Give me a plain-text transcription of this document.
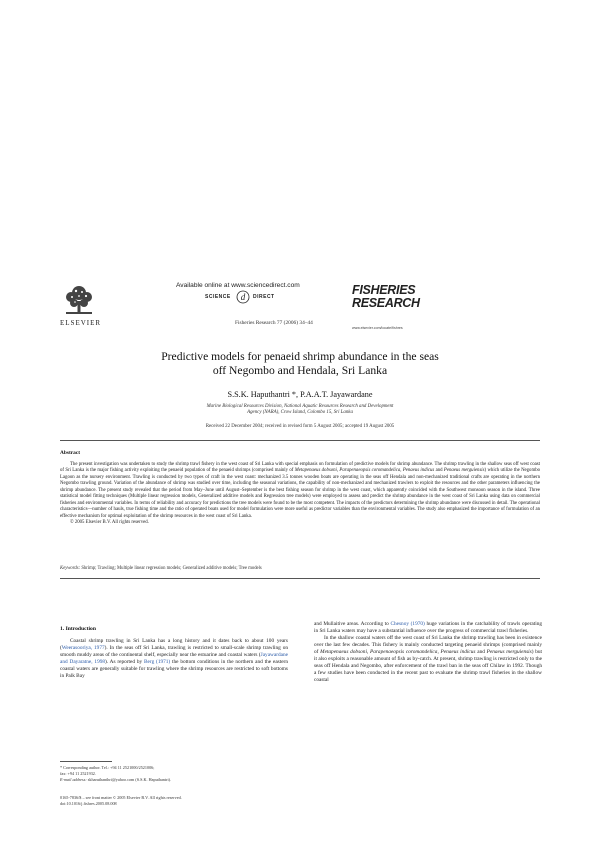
Available online at www.sciencedirect.com
SCIENCE d DIRECT
ELSEVIER	Fisheries Research 77 (2006) 34–44
FISHERIES
RESEARCH
www.elsevier.com/locate/fishres
Predictive models for penaeid shrimp abundance in the seas
off Negombo and Hendala, Sri Lanka
S.S.K. Haputhantri *, P.A.A.T. Jayawardane
Marine Biological Resources Division, National Aquatic Resources Research and Development
Agency (NARA), Crow Island, Colombo 15, Sri Lanka
Received 22 December 2004; received in revised form 5 August 2005; accepted 19 August 2005
Abstract

The present investigation was undertaken to study the shrimp trawl fishery in the west coast of Sri Lanka with special emphasis on formulation of predictive models for shrimp abundance. The shrimp trawling in the shallow seas off west coast of Sri Lanka is the major fishing activity exploiting the penaeid population of the penaeid shrimps (comprised mainly of Metapenaeus dobsoni, Parapenaeopsis coromandelica, Penaeus indicus and Penaeus merguiensis) which utilize the Negombo Lagoon as the nursery environment. Trawling is conducted by two types of craft in the west coast: mechanized 3.5 tonnes wooden boats are operating in the seas off Hendala and non-mechanized traditional crafts are operating in the northern Negombo trawling ground. Variation of the abundance of shrimp was studied over time, including the seasonal variations, the capability of non-mechanized and mechanized trawlers to exploit the resources and the other parameters influencing the shrimp abundance. The present study revealed that the period from May–June until August–September is the best fishing season for shrimp in the west coast, which apparently coincided with the Southwest monsoon season in the island. Three statistical model fitting techniques (Multiple linear regression models, Generalized additive models and Regression tree models) were employed to assess and predict the shrimp abundance in the west coast of Sri Lanka using data on commercial fisheries and environmental variables. In terms of reliability and accuracy for predictions the tree models were found to be the most competent. The impacts of the predictors determining the shrimp abundance were discussed in detail. The operational characteristics—number of hauls, true fishing time and the ratio of operated boats used for model formulation were more useful as predictor variables than the environmental variables. The study also emphasized the importance of formulation of an effective mechanism for optimal exploitation of the shrimp resources in the west coast of Sri Lanka.

© 2005 Elsevier B.V. All rights reserved.

Keywords: Shrimp; Trawling; Multiple linear regression models; Generalized additive models; Tree models
1. Introduction

Coastal shrimp trawling in Sri Lanka has a long history and it dates back to about 100 years (Weerasooriya, 1977). In the seas off Sri Lanka, trawling is restricted to small-scale shrimp trawling on smooth muddy areas of the continental shelf, especially near the estuarine and coastal waters (Jayawardane and Dayaratne, 1998). As reported by Berg (1971) the bottom conditions in the northern and the eastern coastal waters are generally suitable for trawling where the shrimp resources are restricted to soft bottoms in Palk Bay

and Mullaitive areas. According to Chesnoy (1970) huge variations in the catchability of trawls operating in Sri Lanka waters may have a substantial influence over the progress of commercial trawl fisheries.

In the shallow coastal waters off the west coast of Sri Lanka the shrimp trawling has been in existence over the last few decades. This fishery is mainly conducted targeting penaeid shrimps (comprised mainly of Metapenaeus dobsoni, Parapenaeopsis coromandelica, Penaeus indicus and Penaeus merguiensis) but it also exploits a reasonable amount of fish as by-catch. At present, shrimp trawling is restricted only to the seas off Hendala and Negombo, after enforcement of the trawl ban in the seas off Chilaw in 1992. Though a few studies have been conducted in the recent past to evaluate the shrimp trawl fisheries in the shallow coastal

* Corresponding author. Tel.: +94 11 2521000/2521006;

fax: +94 11 2521932.

E-mail address: skharuthanthri@yahoo.com (S.S.K. Haputhantri).

0165-7836/$ – see front matter © 2005 Elsevier B.V. All rights reserved.

doi:10.1016/j.fishres.2005.08.008
